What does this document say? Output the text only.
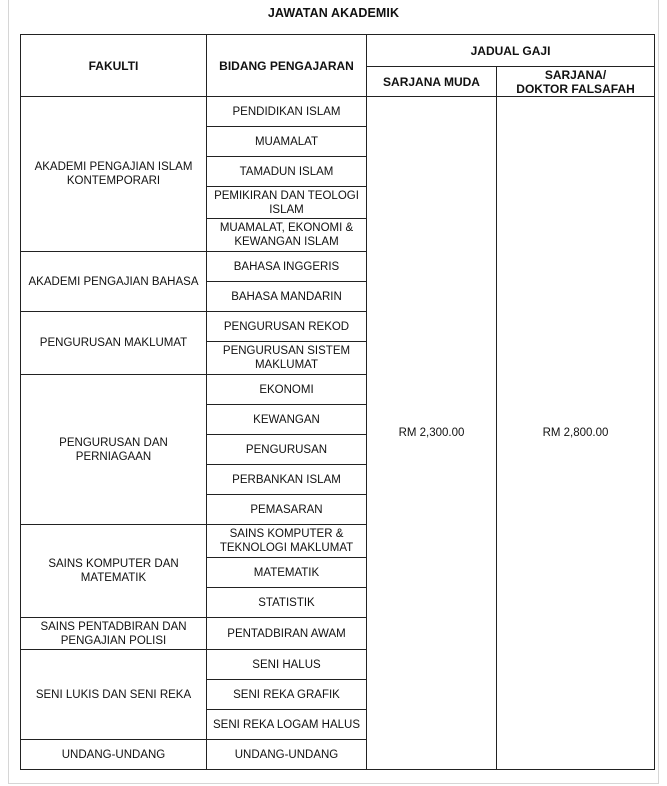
JAWATAN AKADEMIK
FAKULTI	BIDANG PENGAJARAN	JADUAL GAJI	
		SARJANA MUDA	SARJANA/
DOKTOR FALSAFAH
AKADEMI PENGAJIAN ISLAM KONTEMPORARI	PENDIDIKAN ISLAM	RM 2,300.00	RM 2,800.00
	MUAMALAT		
	TAMADUN ISLAM		
	PEMIKIRAN DAN TEOLOGI ISLAM		
	MUAMALAT, EKONOMI & KEWANGAN ISLAM		
AKADEMI PENGAJIAN BAHASA	BAHASA INGGERIS		
	BAHASA MANDARIN		
PENGURUSAN MAKLUMAT	PENGURUSAN REKOD		
	PENGURUSAN SISTEM MAKLUMAT		
PENGURUSAN DAN PERNIAGAAN	EKONOMI		
	KEWANGAN		
	PENGURUSAN		
	PERBANKAN ISLAM		
	PEMASARAN		
SAINS KOMPUTER DAN MATEMATIK	SAINS KOMPUTER & TEKNOLOGI MAKLUMAT		
	MATEMATIK		
	STATISTIK		
SAINS PENTADBIRAN DAN PENGAJIAN POLISI	PENTADBIRAN AWAM		
SENI LUKIS DAN SENI REKA	SENI HALUS		
	SENI REKA GRAFIK		
	SENI REKA LOGAM HALUS		
UNDANG-UNDANG	UNDANG-UNDANG		
